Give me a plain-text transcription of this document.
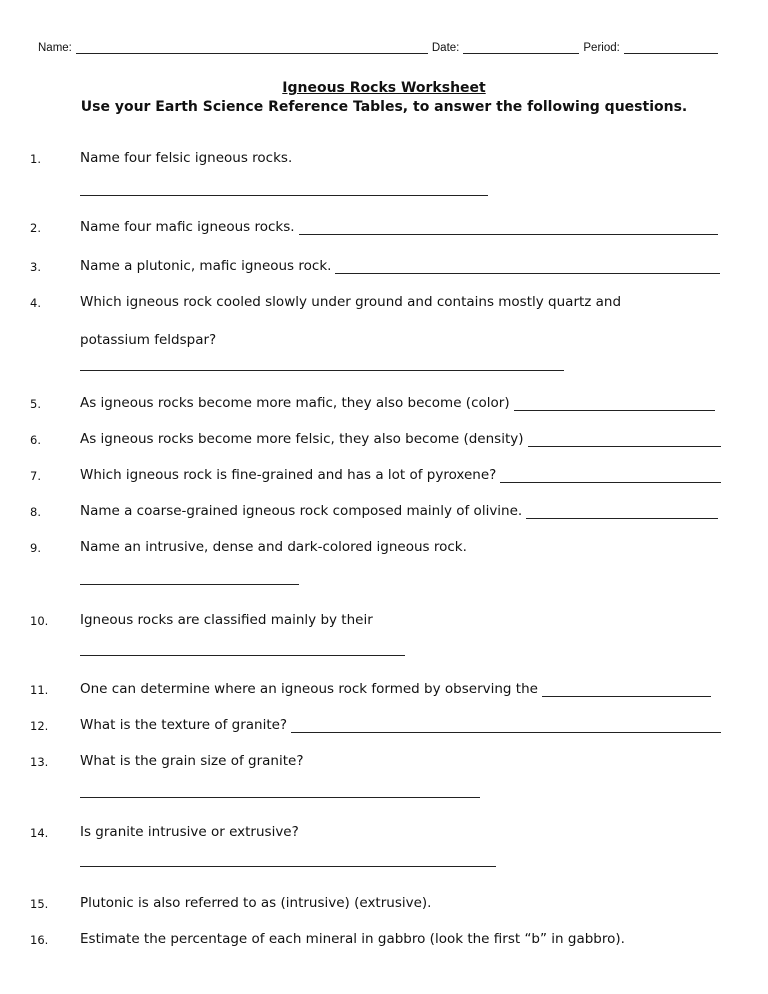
Name:	Date:	Period:
Igneous Rocks Worksheet
Use your Earth Science Reference Tables, to answer the following questions.
1.	Name four felsic igneous rocks.
2.	Name four mafic igneous rocks.
3.	Name a plutonic, mafic igneous rock.
4.	Which igneous rock cooled slowly under ground and contains mostly quartz and
potassium feldspar?
5.	As igneous rocks become more mafic, they also become (color)
6.	As igneous rocks become more felsic, they also become (density)
7.	Which igneous rock is fine-grained and has a lot of pyroxene?
8.	Name a coarse-grained igneous rock composed mainly of olivine.
9.	Name an intrusive, dense and dark-colored igneous rock.
10.	Igneous rocks are classified mainly by their
11.	One can determine where an igneous rock formed by observing the
12.	What is the texture of granite?
13.	What is the grain size of granite?
14.	Is granite intrusive or extrusive?
15.	Plutonic is also referred to as (intrusive) (extrusive).
16.	Estimate the percentage of each mineral in gabbro (look the first “b” in gabbro).
